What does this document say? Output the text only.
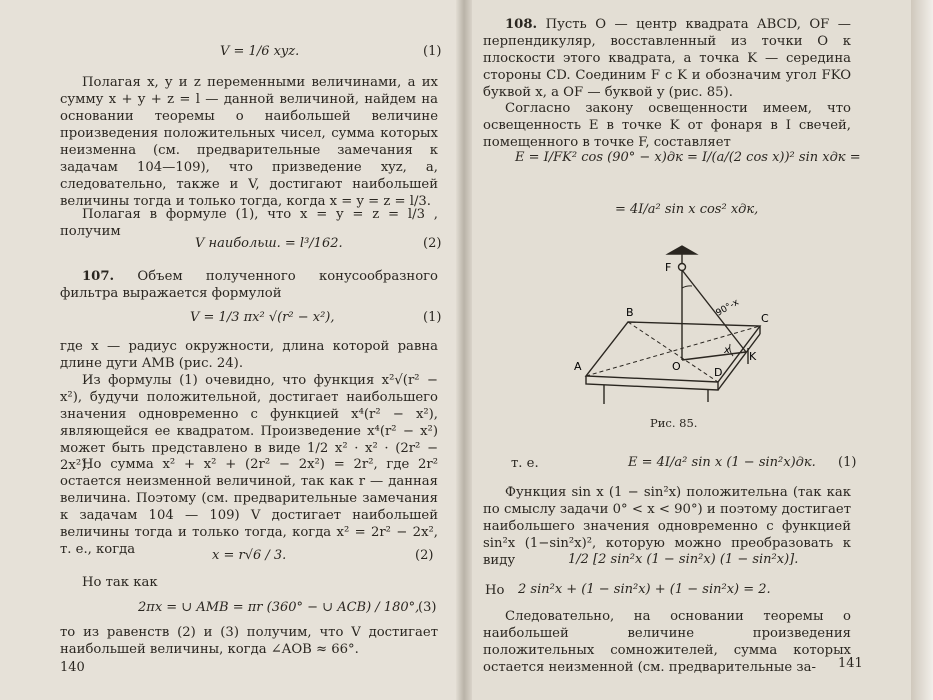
V = 1/6 xyz.	(1)
Полагая x, y и z переменными величинами, а их сумму x + y + z = l — данной величиной, найдем на основании теоремы о наибольшей величине произведения положительных чисел, сумма которых неизменна (см. предварительные замечания к задачам 104—109), что призведение xyz, а, следовательно, также и V, достигают наибольшей величины тогда и только тогда, когда x = y = z = l/3.
Полагая в формуле (1), что x = y = z = l/3 , получим
V наибольш. = l³/162.	(2)
107. Объем полученного конусообразного фильтра выражается формулой
V = 1/3 πx² √(r² − x²),	(1)
где x — радиус окружности, длина которой равна длине дуги AMB (рис. 24).
Из формулы (1) очевидно, что функция x²√(r² − x²), будучи положительной, достигает наибольшего значения одновременно с функцией x⁴(r² − x²), являющейся ее квадратом. Произведение x⁴(r² − x²) может быть представлено в виде 1/2 x² · x² · (2r² − 2x²).
Но сумма x² + x² + (2r² − 2x²) = 2r², где 2r² остается неизменной величиной, так как r — данная величина. Поэтому (см. предварительные замечания к задачам 104 — 109) V достигает наибольшей величины тогда и только тогда, когда x² = 2r² − 2x², т. е., когда	x = r√6 / 3.	(2)
Но так как
2πx = ∪ AMB = πr (360° − ∪ ACB) / 180°,
(3)
то из равенств (2) и (3) получим, что V достигает наибольшей величины, когда ∠AOB ≈ 66°.
140
108. Пусть O — центр квадрата ABCD, OF — перпендикуляр, восставленный из точки O к плоскости этого квадрата, а точка K — середина стороны CD. Соединим F с K и обозначим угол FKO буквой x, а OF — буквой y (рис. 85).
Согласно закону освещенности имеем, что освещенность E в точке K от фонаря в I свечей, помещенного в точке F, составляет
E = I/FK² cos (90° − x)дк = I/(a/(2 cos x))² sin xдк =
= 4I/a² sin x cos² xдк,
F
B	C
A	O	D
K
x
90°-x
Рис. 85.
т. е.	E = 4I/a² sin x (1 − sin²x)дк. (1)
Функция sin x (1 − sin²x) положительна (так как по смыслу задачи 0° < x < 90°) и поэтому достигает наибольшего значения одновременно с функцией sin²x (1−sin²x)², которую можно преобразовать к виду	1/2 [2 sin²x (1 − sin²x) (1 − sin²x)].
Но 2 sin²x + (1 − sin²x) + (1 − sin²x) = 2.
Следовательно, на основании теоремы о наибольшей величине произведения положительных сомножителей, сумма которых остается неизменной (см. предварительные за-	141
